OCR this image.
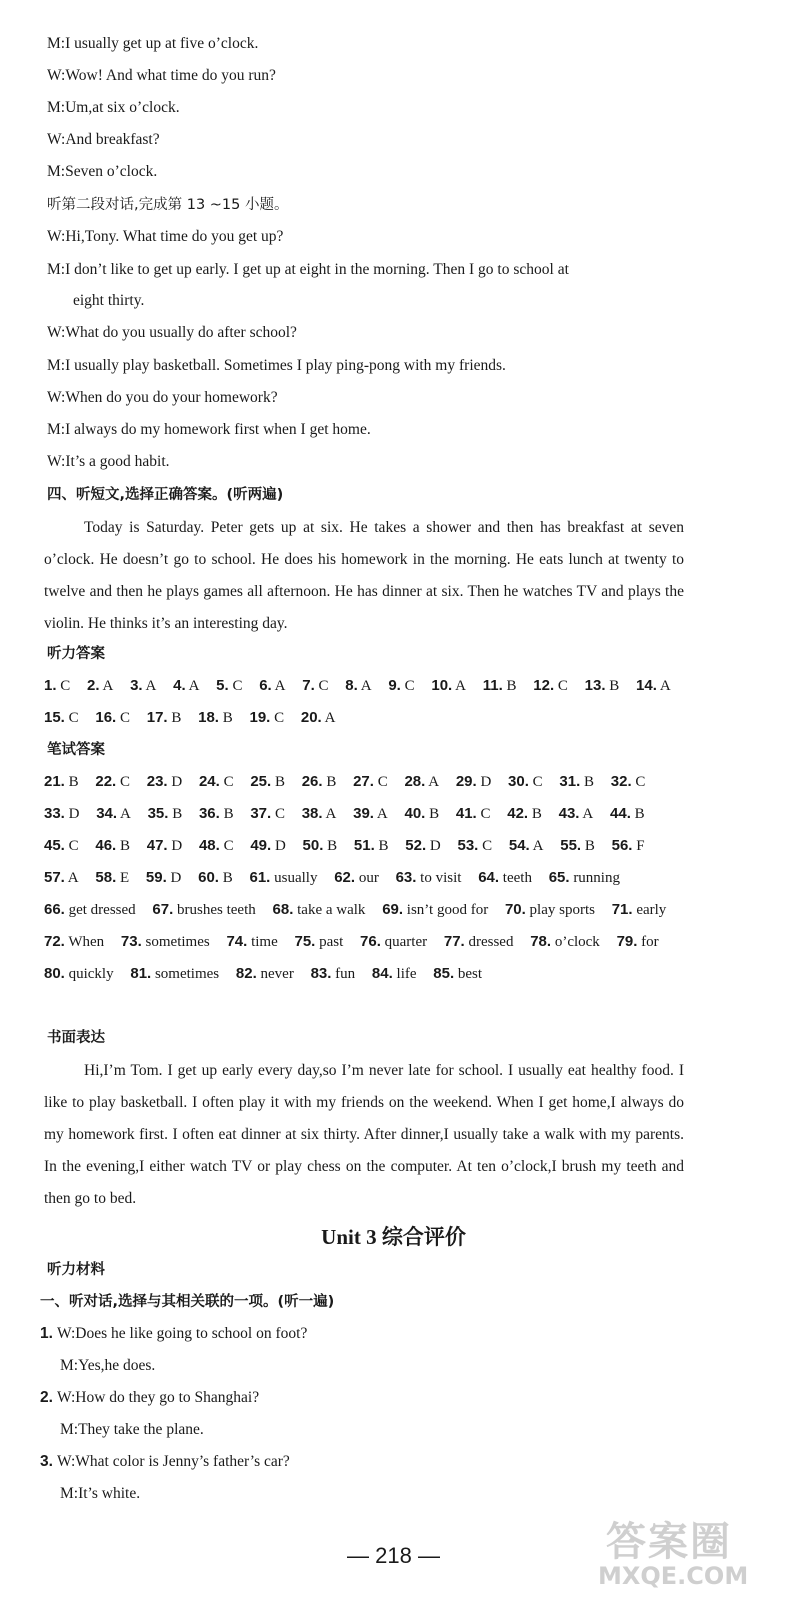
M:I usually get up at five o’clock.
W:Wow! And what time do you run?
M:Um,at six o’clock.
W:And breakfast?
M:Seven o’clock.
听第二段对话,完成第 13 ~15 小题。
W:Hi,Tony. What time do you get up?
M:I don’t like to get up early. I get up at eight in the morning. Then I go to school at
eight thirty.
W:What do you usually do after school?
M:I usually play basketball. Sometimes I play ping-pong with my friends.
W:When do you do your homework?
M:I always do my homework first when I get home.
W:It’s a good habit.
四、听短文,选择正确答案。(听两遍)

Today is Saturday. Peter gets up at six. He takes a shower and then has breakfast at seven o’clock. He doesn’t go to school. He does his homework in the morning. He eats lunch at twenty to twelve and then he plays games all afternoon. He has dinner at six. Then he watches TV and plays the violin. He thinks it’s an interesting day.

听力答案
1. C 2. A 3. A 4. A 5. C 6. A 7. C 8. A 9. C 10. A 11. B 12. C 13. B 14. A 15. C 16. C 17. B 18. B 19. C 20. A
笔试答案
21. B 22. C 23. D 24. C 25. B 26. B 27. C 28. A 29. D 30. C 31. B 32. C 33. D 34. A 35. B 36. B 37. C 38. A 39. A 40. B 41. C 42. B 43. A 44. B 45. C 46. B 47. D 48. C 49. D 50. B 51. B 52. D 53. C 54. A 55. B 56. F 57. A 58. E 59. D 60. B 61. usually 62. our 63. to visit 64. teeth 65. running 66. get dressed 67. brushes teeth 68. take a walk 69. isn’t good for 70. play sports 71. early 72. When 73. sometimes 74. time 75. past 76. quarter 77. dressed 78. o’clock 79. for 80. quickly 81. sometimes 82. never 83. fun 84. life 85. best
书面表达

Hi,I’m Tom. I get up early every day,so I’m never late for school. I usually eat healthy food. I like to play basketball. I often play it with my friends on the weekend. When I get home,I always do my homework first. I often eat dinner at six thirty. After dinner,I usually take a walk with my parents. In the evening,I either watch TV or play chess on the computer. At ten o’clock,I brush my teeth and then go to bed.

Unit 3 综合评价
听力材料
一、听对话,选择与其相关联的一项。(听一遍)
1. W:Does he like going to school on foot?
M:Yes,he does.
2. W:How do they go to Shanghai?
M:They take the plane.
3. W:What color is Jenny’s father’s car?
M:It’s white.
— 218 —	答案圈
MXQE.COM
